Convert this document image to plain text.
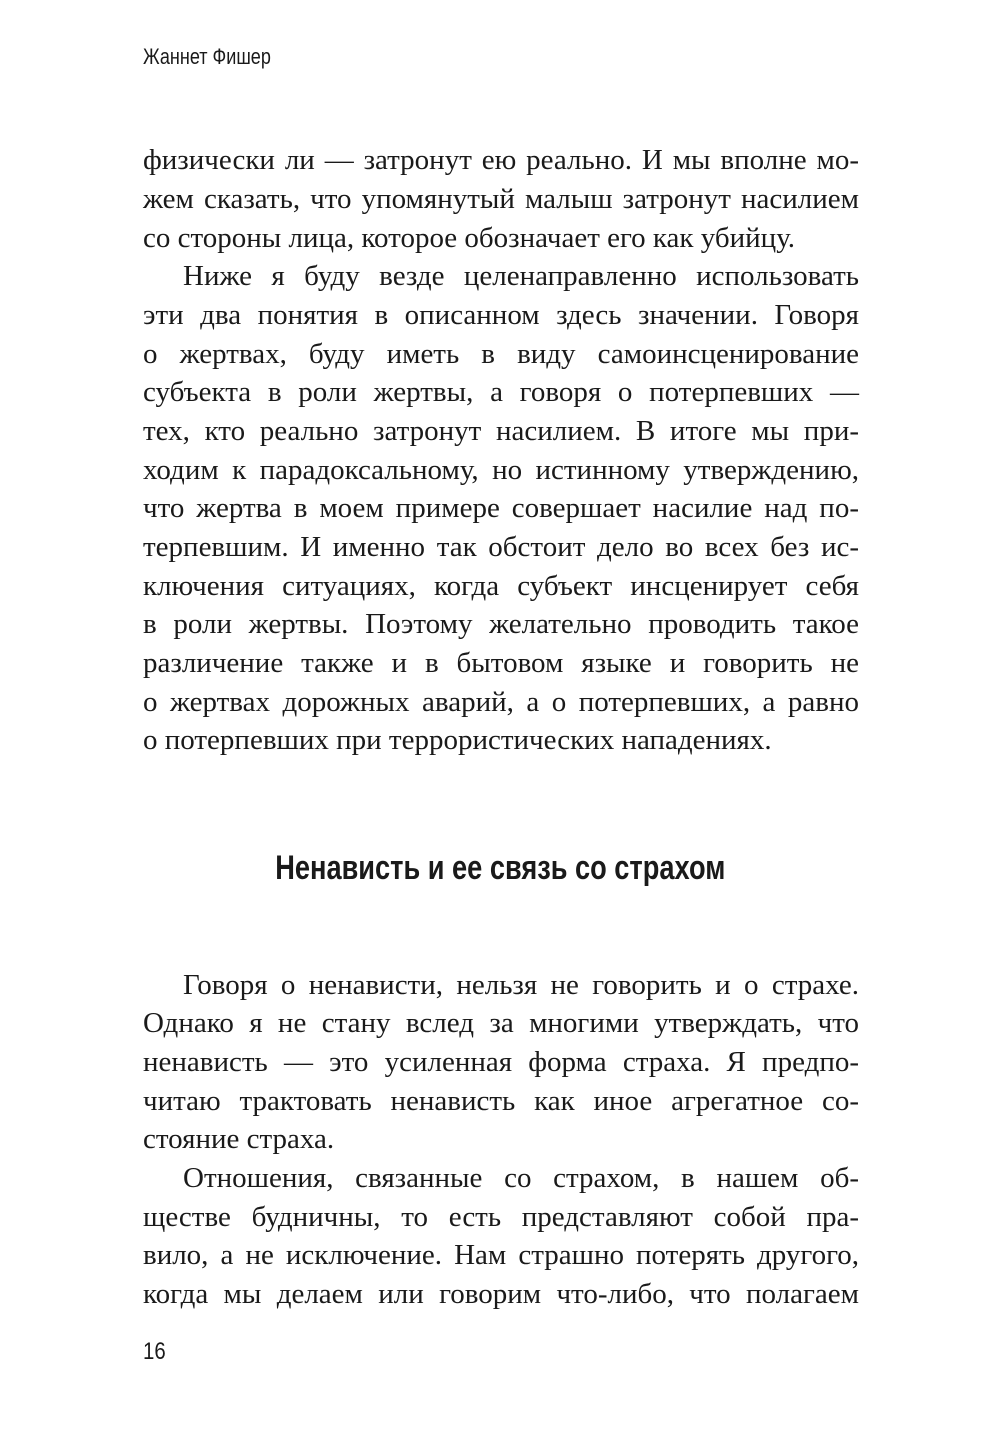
Жаннет Фишер
физически ли — затронут ею реально. И мы вполне мо-
жем сказать, что упомянутый малыш затронут насилием
со стороны лица, которое обозначает его как убийцу.
Ниже я буду везде целенаправленно использовать
эти два понятия в описанном здесь значении. Говоря
о жертвах, буду иметь в виду самоинсценирование
субъекта в роли жертвы, а говоря о потерпевших —
тех, кто реально затронут насилием. В итоге мы при-
ходим к парадоксальному, но истинному утверждению,
что жертва в моем примере совершает насилие над по-
терпевшим. И именно так обстоит дело во всех без ис-
ключения ситуациях, когда субъект инсценирует себя
в роли жертвы. Поэтому желательно проводить такое
различение также и в бытовом языке и говорить не
о жертвах дорожных аварий, а о потерпевших, а равно
о потерпевших при террористических нападениях.
Ненависть и ее связь со страхом
Говоря о ненависти, нельзя не говорить и о страхе.
Однако я не стану вслед за многими утверждать, что
ненависть — это усиленная форма страха. Я предпо-
читаю трактовать ненависть как иное агрегатное со-
стояние страха.
Отношения, связанные со страхом, в нашем об-
ществе будничны, то есть представляют собой пра-
вило, а не исключение. Нам страшно потерять другого,
когда мы делаем или говорим что-либо, что полагаем
16
